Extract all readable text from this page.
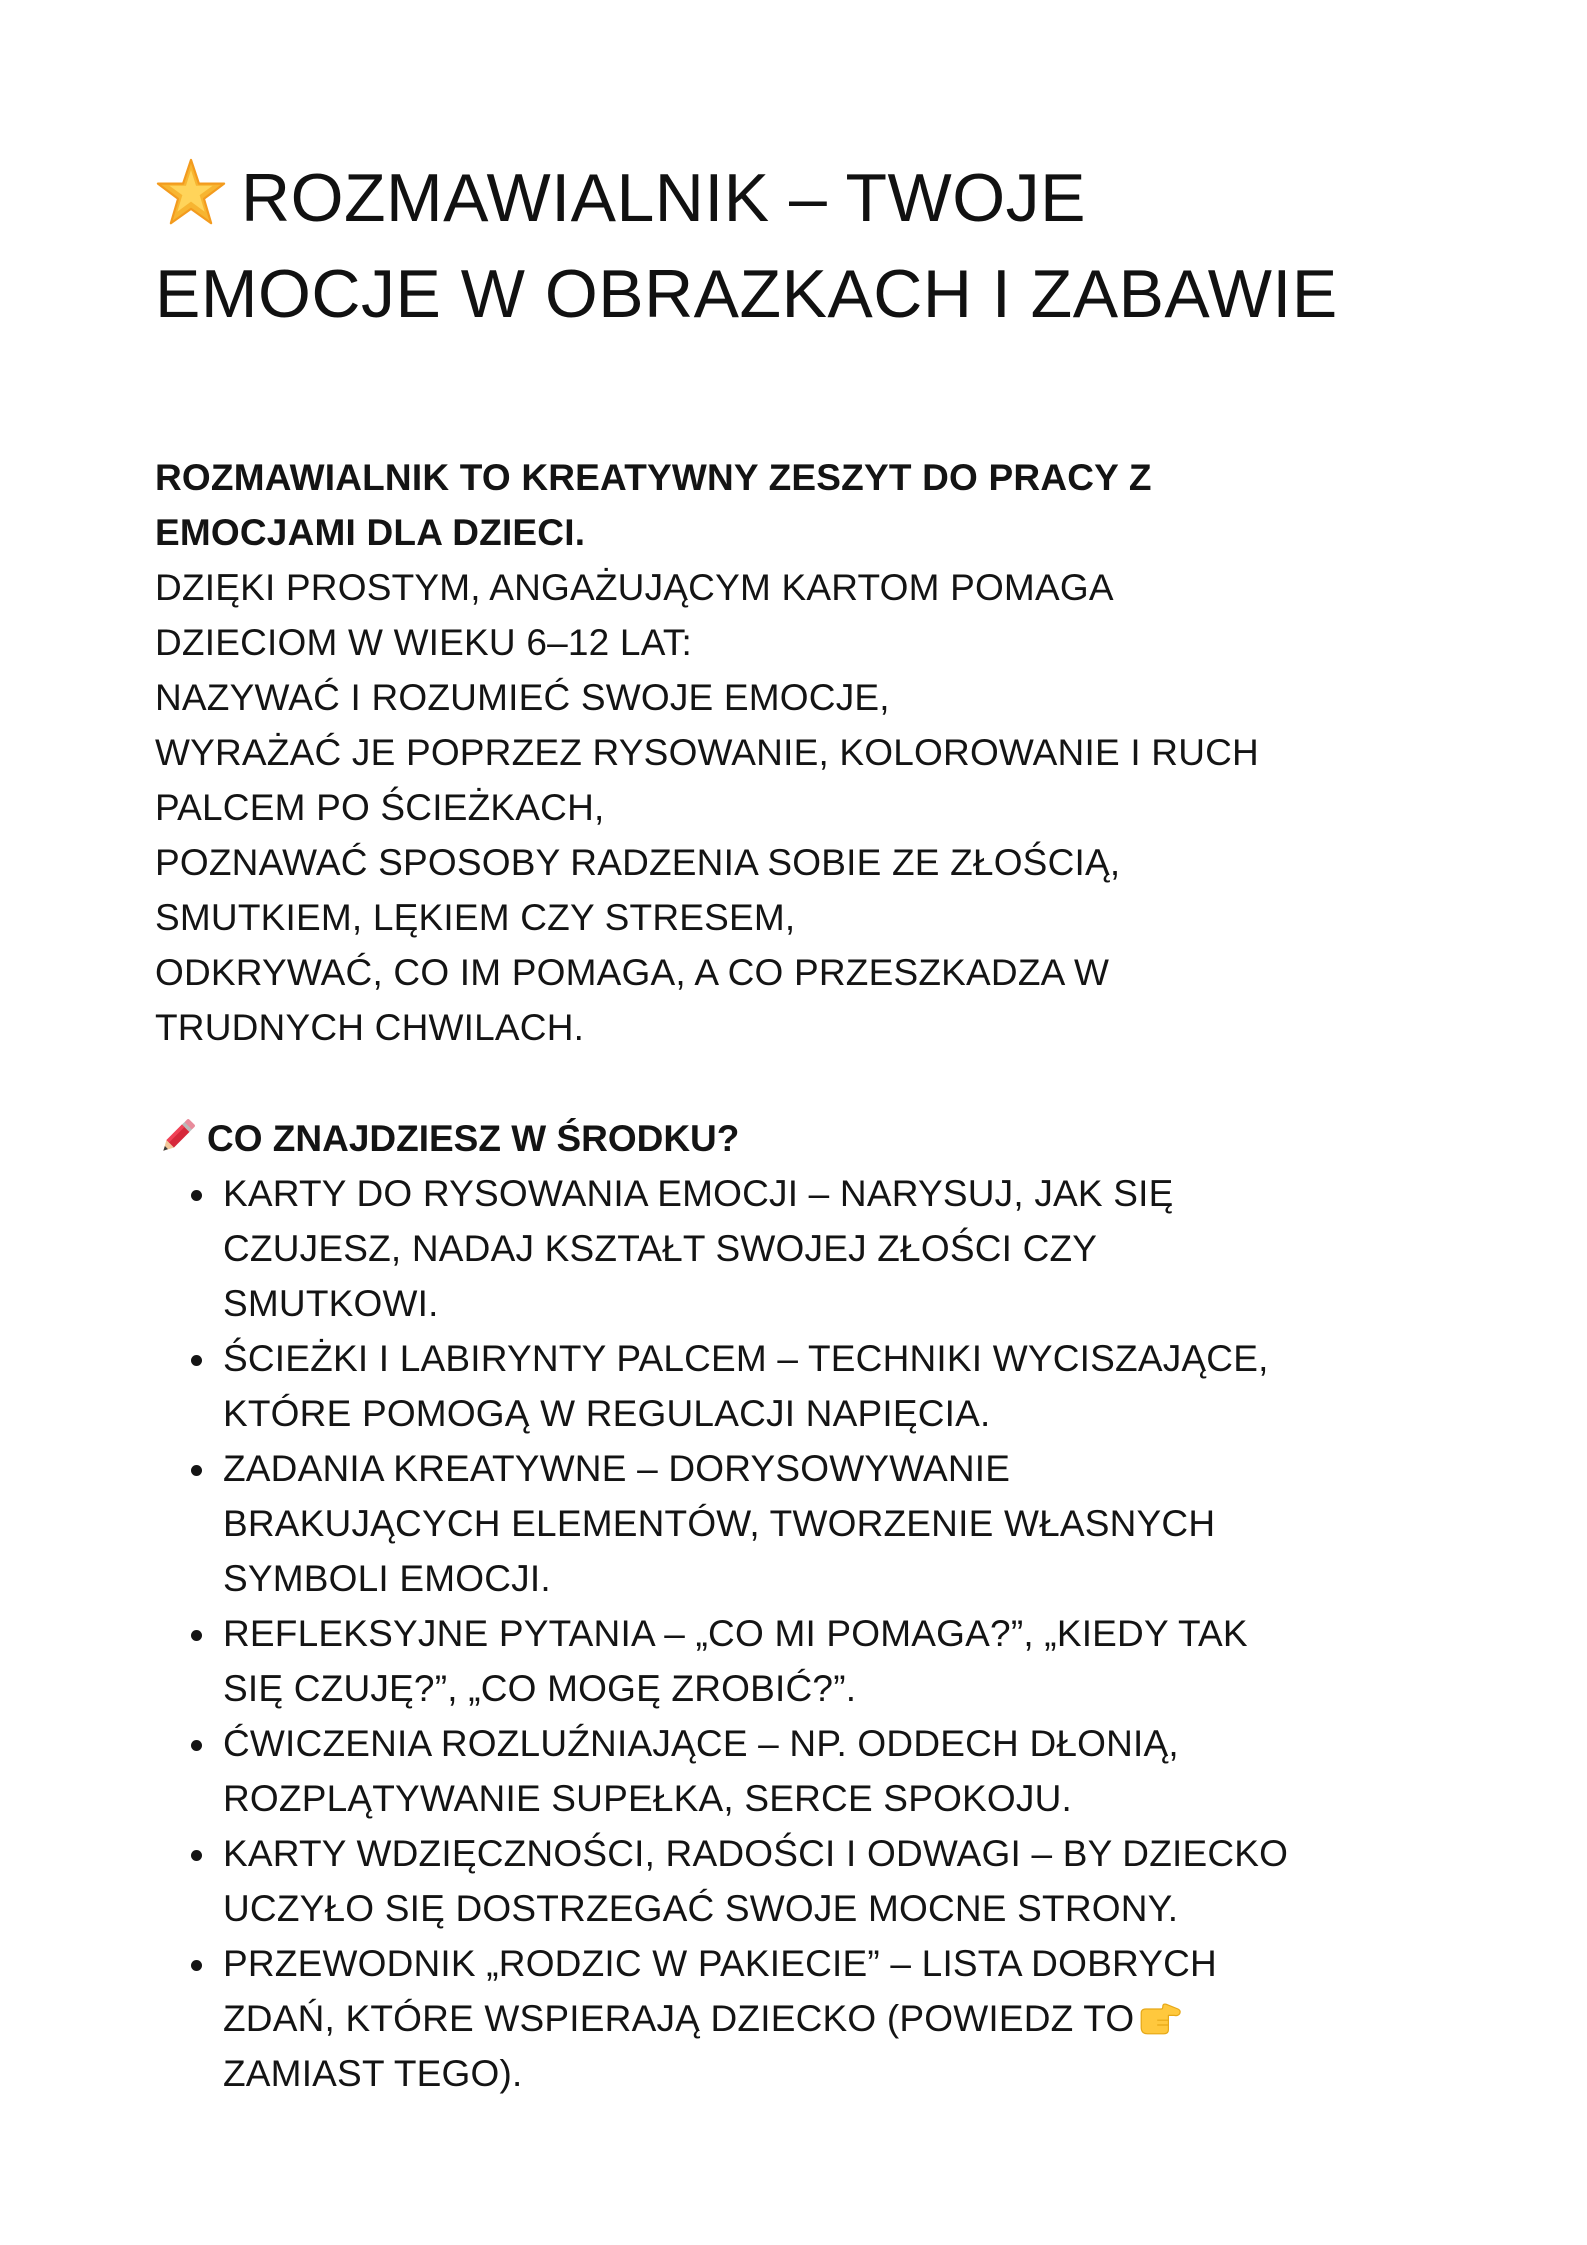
ROZMAWIALNIK – TWOJE
EMOCJE W OBRAZKACH I ZABAWIE
ROZMAWIALNIK TO KREATYWNY ZESZYT DO PRACY Z
EMOCJAMI DLA DZIECI.
DZIĘKI PROSTYM, ANGAŻUJĄCYM KARTOM POMAGA
DZIECIOM W WIEKU 6–12 LAT:
NAZYWAĆ I ROZUMIEĆ SWOJE EMOCJE,
WYRAŻAĆ JE POPRZEZ RYSOWANIE, KOLOROWANIE I RUCH
PALCEM PO ŚCIEŻKACH,
POZNAWAĆ SPOSOBY RADZENIA SOBIE ZE ZŁOŚCIĄ,
SMUTKIEM, LĘKIEM CZY STRESEM,
ODKRYWAĆ, CO IM POMAGA, A CO PRZESZKADZA W
TRUDNYCH CHWILACH.
CO ZNAJDZIESZ W ŚRODKU?
KARTY DO RYSOWANIA EMOCJI – NARYSUJ, JAK SIĘ
CZUJESZ, NADAJ KSZTAŁT SWOJEJ ZŁOŚCI CZY
SMUTKOWI.
ŚCIEŻKI I LABIRYNTY PALCEM – TECHNIKI WYCISZAJĄCE,
KTÓRE POMOGĄ W REGULACJI NAPIĘCIA.
ZADANIA KREATYWNE – DORYSOWYWANIE
BRAKUJĄCYCH ELEMENTÓW, TWORZENIE WŁASNYCH
SYMBOLI EMOCJI.
REFLEKSYJNE PYTANIA – „CO MI POMAGA?”, „KIEDY TAK
SIĘ CZUJĘ?”, „CO MOGĘ ZROBIĆ?”.
ĆWICZENIA ROZLUŹNIAJĄCE – NP. ODDECH DŁONIĄ,
ROZPLĄTYWANIE SUPEŁKA, SERCE SPOKOJU.
KARTY WDZIĘCZNOŚCI, RADOŚCI I ODWAGI – BY DZIECKO
UCZYŁO SIĘ DOSTRZEGAĆ SWOJE MOCNE STRONY.
PRZEWODNIK „RODZIC W PAKIECIE” – LISTA DOBRYCH
ZDAŃ, KTÓRE WSPIERAJĄ DZIECKO (POWIEDZ TO
ZAMIAST TEGO).
